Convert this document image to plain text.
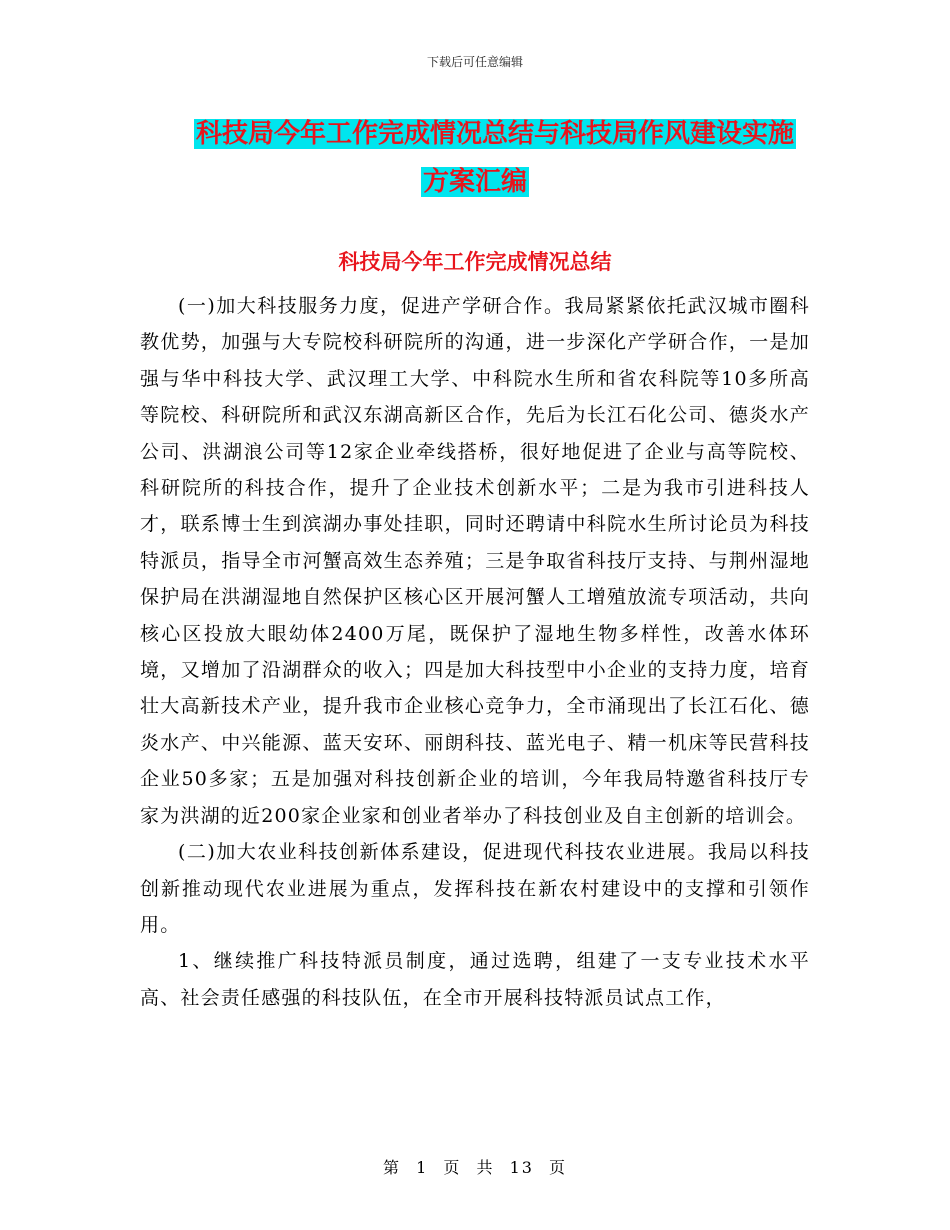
下载后可任意编辑
科技局今年工作完成情况总结与科技局作风建设实施
方案汇编
科技局今年工作完成情况总结

(一)加大科技服务力度，促进产学研合作。我局紧紧依托武汉城市圈科教优势，加强与大专院校科研院所的沟通，进一步深化产学研合作，一是加强与华中科技大学、武汉理工大学、中科院水生所和省农科院等10多所高等院校、科研院所和武汉东湖高新区合作，先后为长江石化公司、德炎水产公司、洪湖浪公司等12家企业牵线搭桥，很好地促进了企业与高等院校、科研院所的科技合作，提升了企业技术创新水平；二是为我市引进科技人才，联系博士生到滨湖办事处挂职，同时还聘请中科院水生所讨论员为科技特派员，指导全市河蟹高效生态养殖；三是争取省科技厅支持、与荆州湿地保护局在洪湖湿地自然保护区核心区开展河蟹人工增殖放流专项活动，共向核心区投放大眼幼体2400万尾，既保护了湿地生物多样性，改善水体环境，又增加了沿湖群众的收入；四是加大科技型中小企业的支持力度，培育壮大高新技术产业，提升我市企业核心竞争力，全市涌现出了长江石化、德炎水产、中兴能源、蓝天安环、丽朗科技、蓝光电子、精一机床等民营科技企业50多家；五是加强对科技创新企业的培训，今年我局特邀省科技厅专家为洪湖的近200家企业家和创业者举办了科技创业及自主创新的培训会。

(二)加大农业科技创新体系建设，促进现代科技农业进展。我局以科技创新推动现代农业进展为重点，发挥科技在新农村建设中的支撑和引领作用。

1、继续推广科技特派员制度，通过选聘，组建了一支专业技术水平高、社会责任感强的科技队伍，在全市开展科技特派员试点工作，

第 1 页 共 13 页
